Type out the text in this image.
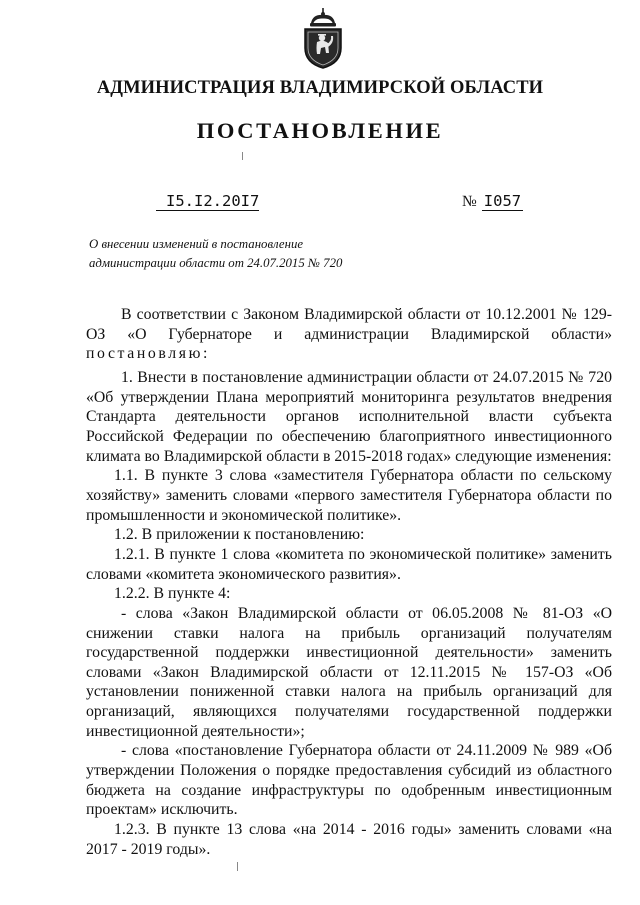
АДМИНИСТРАЦИЯ ВЛАДИМИРСКОЙ ОБЛАСТИ
ПОСТАНОВЛЕНИЕ
I5.I2.20I7	№ I057
О внесении изменений в постановление
администрации области от 24.07.2015 № 720

В соответствии с Законом Владимирской области от 10.12.2001 № 129-ОЗ «О Губернаторе и администрации Владимирской области» постановляю:

1. Внести в постановление администрации области от 24.07.2015 № 720 «Об утверждении Плана мероприятий мониторинга результатов внедрения Стандарта деятельности органов исполнительной власти субъекта Российской Федерации по обеспечению благоприятного инвестиционного климата во Владимирской области в 2015-2018 годах» следующие изменения:

1.1. В пункте 3 слова «заместителя Губернатора области по сельскому хозяйству» заменить словами «первого заместителя Губернатора области по промышленности и экономической политике».

1.2. В приложении к постановлению:

1.2.1. В пункте 1 слова «комитета по экономической политике» заменить словами «комитета экономического развития».

1.2.2. В пункте 4:

- слова «Закон Владимирской области от 06.05.2008 № 81-ОЗ «О снижении ставки налога на прибыль организаций получателям государственной поддержки инвестиционной деятельности» заменить словами «Закон Владимирской области от 12.11.2015 № 157-ОЗ «Об установлении пониженной ставки налога на прибыль организаций для организаций, являющихся получателями государственной поддержки инвестиционной деятельности»;

- слова «постановление Губернатора области от 24.11.2009 № 989 «Об утверждении Положения о порядке предоставления субсидий из областного бюджета на создание инфраструктуры по одобренным инвестиционным проектам» исключить.

1.2.3. В пункте 13 слова «на 2014 - 2016 годы» заменить словами «на 2017 - 2019 годы».
